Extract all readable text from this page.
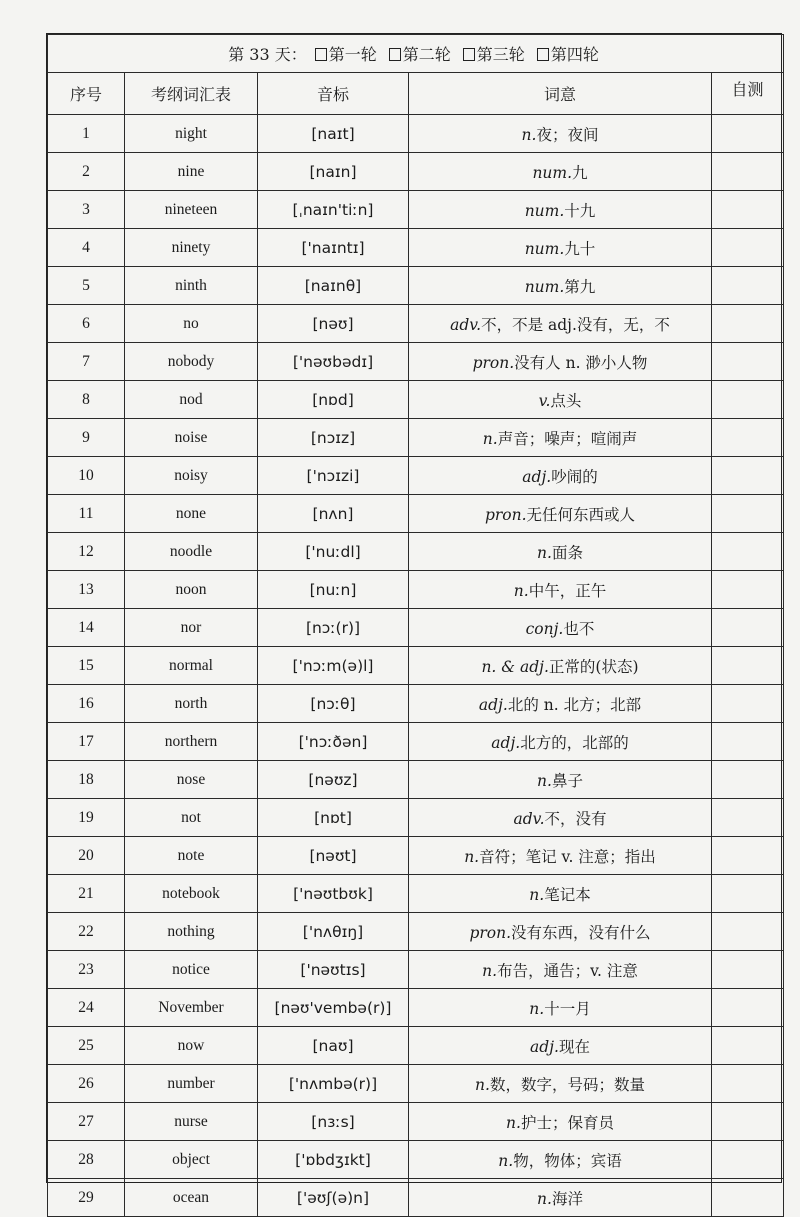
第 33 天： 第一轮 第二轮 第三轮 第四轮				
序号	考纲词汇表	音标	词意	自测
1	night	[naɪt]	n.夜；夜间	
2	nine	[naɪn]	num.九	
3	nineteen	[ˌnaɪn'tiːn]	num.十九	
4	ninety	['naɪntɪ]	num.九十	
5	ninth	[naɪnθ]	num.第九	
6	no	[nəʊ]	adv.不，不是 adj.没有，无，不	
7	nobody	['nəʊbədɪ]	pron.没有人 n. 渺小人物	
8	nod	[nɒd]	v.点头	
9	noise	[nɔɪz]	n.声音；噪声；喧闹声	
10	noisy	['nɔɪzi]	adj.吵闹的	
11	none	[nʌn]	pron.无任何东西或人	
12	noodle	['nuːdl]	n.面条	
13	noon	[nuːn]	n.中午，正午	
14	nor	[nɔː(r)]	conj.也不	
15	normal	['nɔːm(ə)l]	n. & adj.正常的(状态)	
16	north	[nɔːθ]	adj.北的 n. 北方；北部	
17	northern	['nɔːðən]	adj.北方的，北部的	
18	nose	[nəʊz]	n.鼻子	
19	not	[nɒt]	adv.不，没有	
20	note	[nəʊt]	n.音符；笔记 v. 注意；指出	
21	notebook	['nəʊtbʊk]	n.笔记本	
22	nothing	['nʌθɪŋ]	pron.没有东西，没有什么	
23	notice	['nəʊtɪs]	n.布告，通告；v. 注意	
24	November	[nəʊ'vembə(r)]	n.十一月	
25	now	[naʊ]	adj.现在	
26	number	['nʌmbə(r)]	n.数，数字，号码；数量	
27	nurse	[nɜːs]	n.护士；保育员	
28	object	['ɒbdʒɪkt]	n.物，物体；宾语	
29	ocean	['əʊʃ(ə)n]	n.海洋	
